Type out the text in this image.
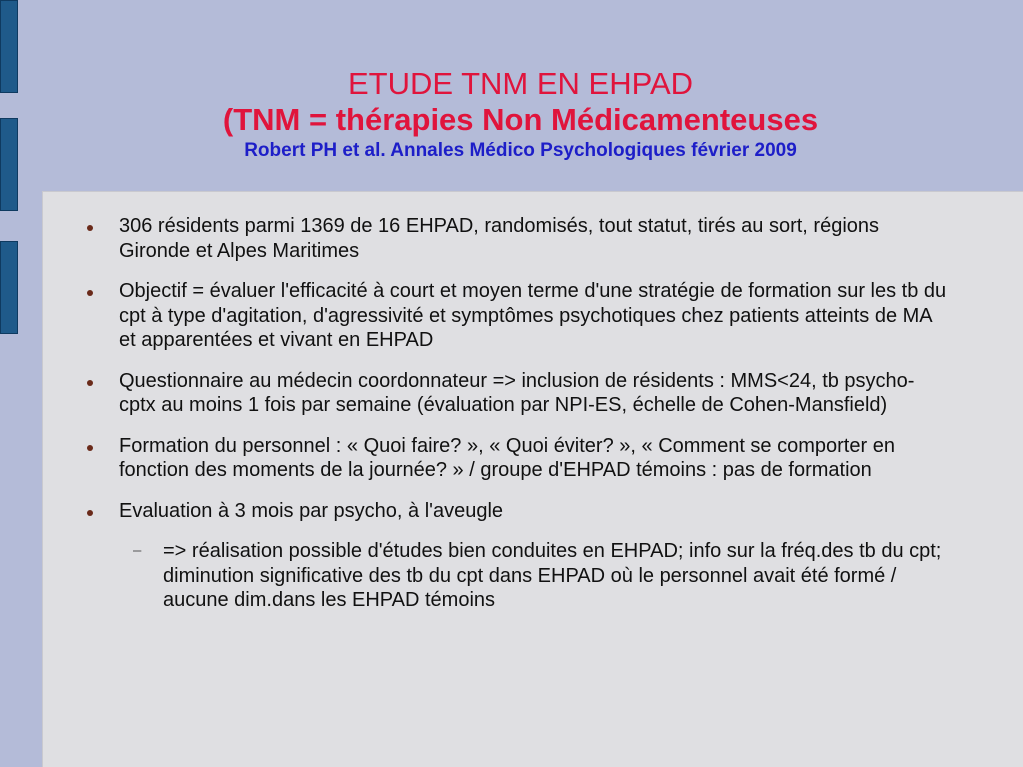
ETUDE TNM EN EHPAD
(TNM = thérapies Non Médicamenteuses
Robert PH et al. Annales Médico Psychologiques février 2009
306 résidents parmi 1369 de 16 EHPAD, randomisés, tout statut, tirés au sort, régions Gironde et Alpes Maritimes
Objectif = évaluer l'efficacité à court et moyen terme d'une stratégie de formation sur les tb du cpt à type d'agitation, d'agressivité et symptômes psychotiques chez patients atteints de MA et apparentées et vivant en EHPAD
Questionnaire au médecin coordonnateur => inclusion de résidents : MMS<24, tb psycho-cptx au moins 1 fois par semaine (évaluation par NPI-ES, échelle de Cohen-Mansfield)
Formation du personnel : « Quoi faire? », « Quoi éviter? », « Comment se comporter en fonction des moments de la journée? » / groupe d'EHPAD témoins : pas de formation
Evaluation à 3 mois par psycho, à l'aveugle
– => réalisation possible d'études bien conduites en EHPAD; info sur la fréq.des tb du cpt; diminution significative des tb du cpt dans EHPAD où le personnel avait été formé / aucune dim.dans les EHPAD témoins
